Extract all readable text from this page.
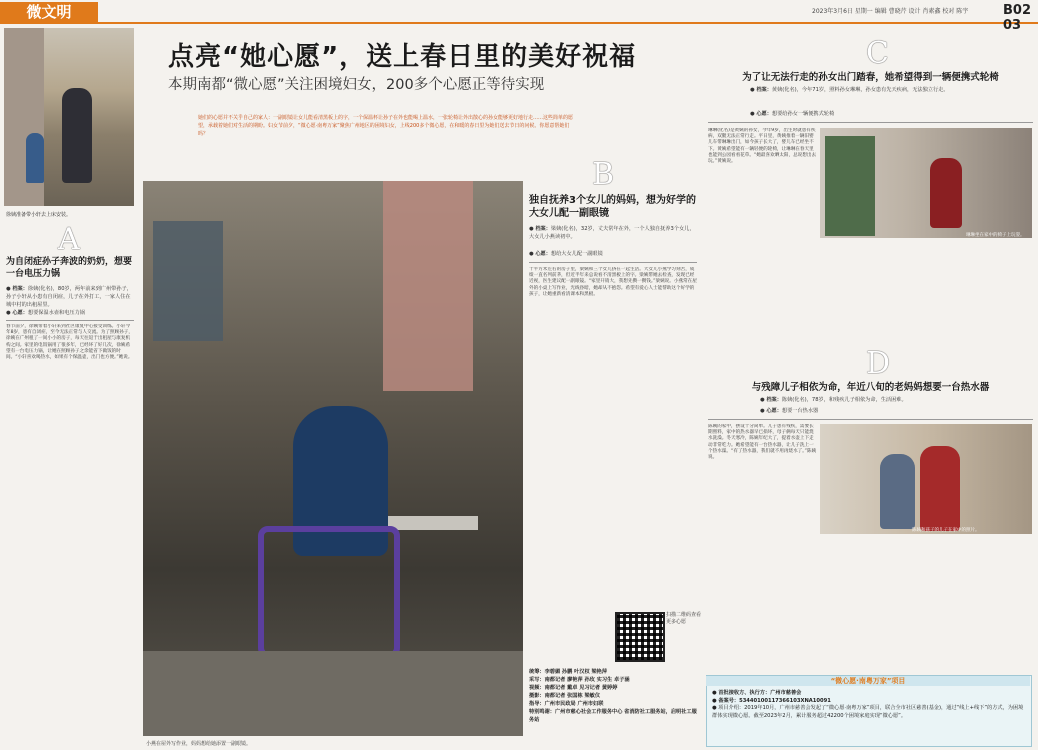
微文明	2023年3月6日 星期一 编辑 曹晓芹 设计 肖素鑫 校对 陈宇	B02 03
徐姨准备带小轩去上床安装。
A
为自闭症孙子奔波的奶奶，想要一台电压力锅
● 档案：徐姨(化名)，80岁，两年前来到广州带孙子，孙子小轩从小患有自闭症，儿子在外打工，一家人住在城中村的出租屋里。
● 心愿：想要保温水壶和电压力锅
春节前夕，徐姨带着小轩来到社区康复中心接受训练。小轩今年8岁，患有自闭症，至今无法正常与人交流。为了照顾孙子，徐姨在广州租了一间小小的房子，每天往返于出租屋与康复机构之间。家里的电饭锅用了很多年，已经坏了好几次，徐姨希望有一台电压力锅，让她在照顾孙子之余能省下做饭的时间。“小轩喜欢喝热水，如果有个保温壶，出门也方便。”她说。
点亮“她心愿”，送上春日里的美好祝福
本期南都“微心愿”关注困境妇女，200多个心愿正等待实现
她们的心愿并不关乎自己的家人：一副眼镜让女儿能看清黑板上的字，一个保温杯让孙子在外也能喝上温水，一张轮椅让外出散心的孙女能够更好地行走……这些简单的愿望，承载着她们对生活的期盼。妇女节前夕，“微心愿·南粤万家”聚焦广州地区的困境妇女，上线200多个微心愿，在和暖的春日里为她们送去节日的问候。你愿意帮她们吗？
小燕在屋外写作业，妈妈想给她添置一副眼镜。
B
独自抚养3个女儿的妈妈，想为好学的大女儿配一副眼镜
● 档案：梁姨(化名)，32岁，丈夫常年在外，一个人独自抚养3个女儿，大女儿小燕读初中。
● 心愿：想给大女儿配一副眼镜
十平方米左右的房子里，梁姨和三个女儿挤在一起生活。大女儿小燕学习刻苦，成绩一直名列前茅，但近半年来总说看不清黑板上的字。梁姨带她去检查，发现已经近视，医生建议配一副眼镜。“家里开销大，我想先攒一攒钱。”梁姨说。小燕常在屋外的小桌上写作业，光线昏暗，她却从不抱怨。希望有爱心人士能帮助这个好学的孩子，让她重新看清课本和黑板。
扫描二维码查看更多心愿
统筹：李碧媚 孙鹏 叶汉权 梁艳萍
采写：南都记者 廖艳萍 孙玫 实习生 卓子涵
视频：南都记者 戴卓 见习记者 黄婷婷
摄影：南都记者 张国栋 梁敏仪
指导：广州市民政局 广州市妇联
特别鸣谢：广州市慈心社会工作服务中心 省消防社工服务站，启明社工服务站
C
为了让无法行走的孙女出门踏春，她希望得到一辆便携式轮椅
● 档案：黄姨(化名)，今年71岁，照料孙女琳琳，孙女患有先天疾病，无法独立行走。
● 心愿：想要给孙女一辆便携式轮椅
琳琳(化名)是黄姨的孙女，今年9岁，出生时就患有疾病，双腿无法正常行走。平日里，黄姨推着一辆旧婴儿车带琳琳出门，如今孩子长大了，婴儿车已经坐不下。黄姨希望能有一辆轻便的轮椅，让琳琳在春天里也能到公园看看花草。“她最喜欢晒太阳，总说想出去玩。”黄姨说。
琳琳坐在家中的椅子上玩耍。
D
与残障儿子相依为命，年近八旬的老妈妈想要一台热水器
● 档案：陈姨(化名)，78岁，和残疾儿子相依为命，生活困难。
● 心愿：想要一台热水器
陈姨的家中，摆设十分简单。儿子患有残疾，需要长期照料，家中的热水器早已损坏，母子俩每天只能烧水洗澡。冬天寒冷，陈姨年纪大了，提着水壶上下走动非常吃力。她希望能有一台热水器，让儿子洗上一个热水澡。“有了热水器，我们就不用再烧水了。”陈姨说。
陈姨和孩子的儿子在家中的照片。
“微心愿·南粤万家”项目
● 首批接收方、执行方：广州市慈善会
● 备案号：53440100117366103XNA10091
● 项目介绍：2019年10月，广州市慈善会发起了“微心愿·南粤万家”项目，联合全市社区慈善(基金)，通过“线上+线下”的方式，为困境群体实现微心愿。截至2023年2月，累计服务超过42200个困境家庭实现“微心愿”。
